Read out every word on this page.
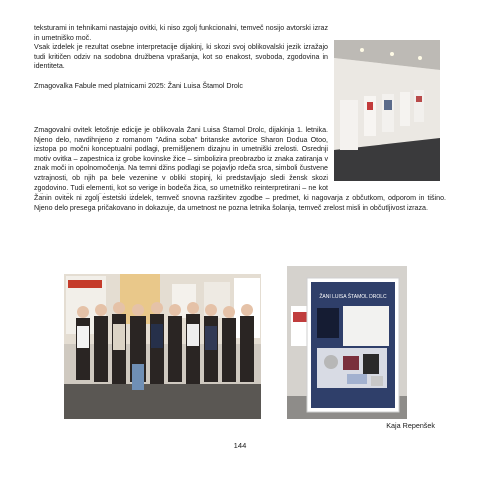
teksturami in tehnikami nastajajo ovitki, ki niso zgolj funkcionalni, temveč nosijo avtorski izraz in umetniško moč.

Vsak izdelek je rezultat osebne interpretacije dijakinj, ki skozi svoj oblikovalski jezik izražajo tudi kritičen odziv na sodobna družbena vprašanja, kot so enakost, svoboda, zgodovina in identiteta.

Zmagovalka Fabule med platnicami 2025: Žani Luisa Štamol Drolc

Zmagovalni ovitek letošnje edicije je oblikovala Žani Luisa Štamol Drolc, dijakinja 1. letnika. Njeno delo, navdihnjeno z romanom "Adina soba" britanske avtorice Sharon Dodua Otoo, izstopa po močni konceptualni podlagi, premišljenem dizajnu in umetniški zrelosti. Osrednji motiv ovitka – zapestnica iz grobe kovinske žice – simbolizira preobrazbo iz znaka zatiranja v znak moči in opolnomočenja. Na temni džins podlagi se pojavljo rdeča srca, simboli čustvene vztrajnosti, ob njih pa bele vezenine v obliki stopinj, ki predstavljajo sledi žensk skozi zgodovino. Tudi elementi, kot so verige in bodeča žica, so umetniško reinterpretirani – ne kot

Žanin ovitek ni zgolj estetski izdelek, temveč snovna razširitev zgodbe – predmet, ki nagovarja z občutkom, odporom in tišino. Njeno delo presega pričakovano in dokazuje, da umetnost ne pozna letnika šolanja, temveč zrelost misli in občutljivost izraza.

ŽANI LUISA ŠTAMOL DROLC
Kaja Repenšek
144
